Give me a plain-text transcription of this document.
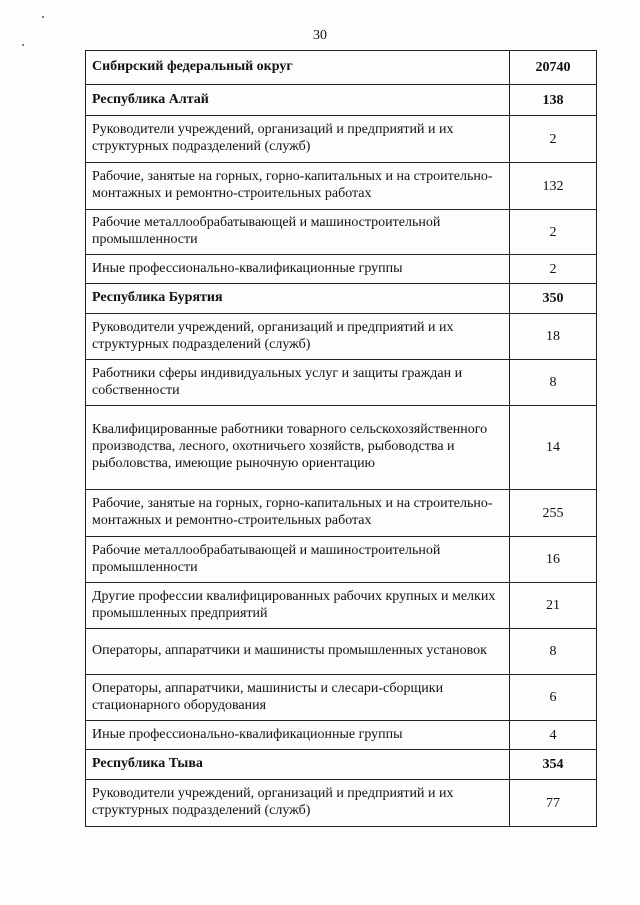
30
Сибирский федеральный округ	20740
Республика Алтай	138
Руководители учреждений, организаций и предприятий и их структурных подразделений (служб)	2
Рабочие, занятые на горных, горно-капитальных и на строительно-монтажных и ремонтно-строительных работах	132
Рабочие металлообрабатывающей и машиностроительной промышленности	2
Иные профессионально-квалификационные группы	2
Республика Бурятия	350
Руководители учреждений, организаций и предприятий и их структурных подразделений (служб)	18
Работники сферы индивидуальных услуг и защиты граждан и собственности	8
Квалифицированные работники товарного сельскохозяйственного производства, лесного, охотничьего хозяйств, рыбоводства и рыболовства, имеющие рыночную ориентацию	14
Рабочие, занятые на горных, горно-капитальных и на строительно-монтажных и ремонтно-строительных работах	255
Рабочие металлообрабатывающей и машиностроительной промышленности	16
Другие профессии квалифицированных рабочих крупных и мелких промышленных предприятий	21
Операторы, аппаратчики и машинисты промышленных установок	8
Операторы, аппаратчики, машинисты и слесари-сборщики стационарного оборудования	6
Иные профессионально-квалификационные группы	4
Республика Тыва	354
Руководители учреждений, организаций и предприятий и их структурных подразделений (служб)	77
